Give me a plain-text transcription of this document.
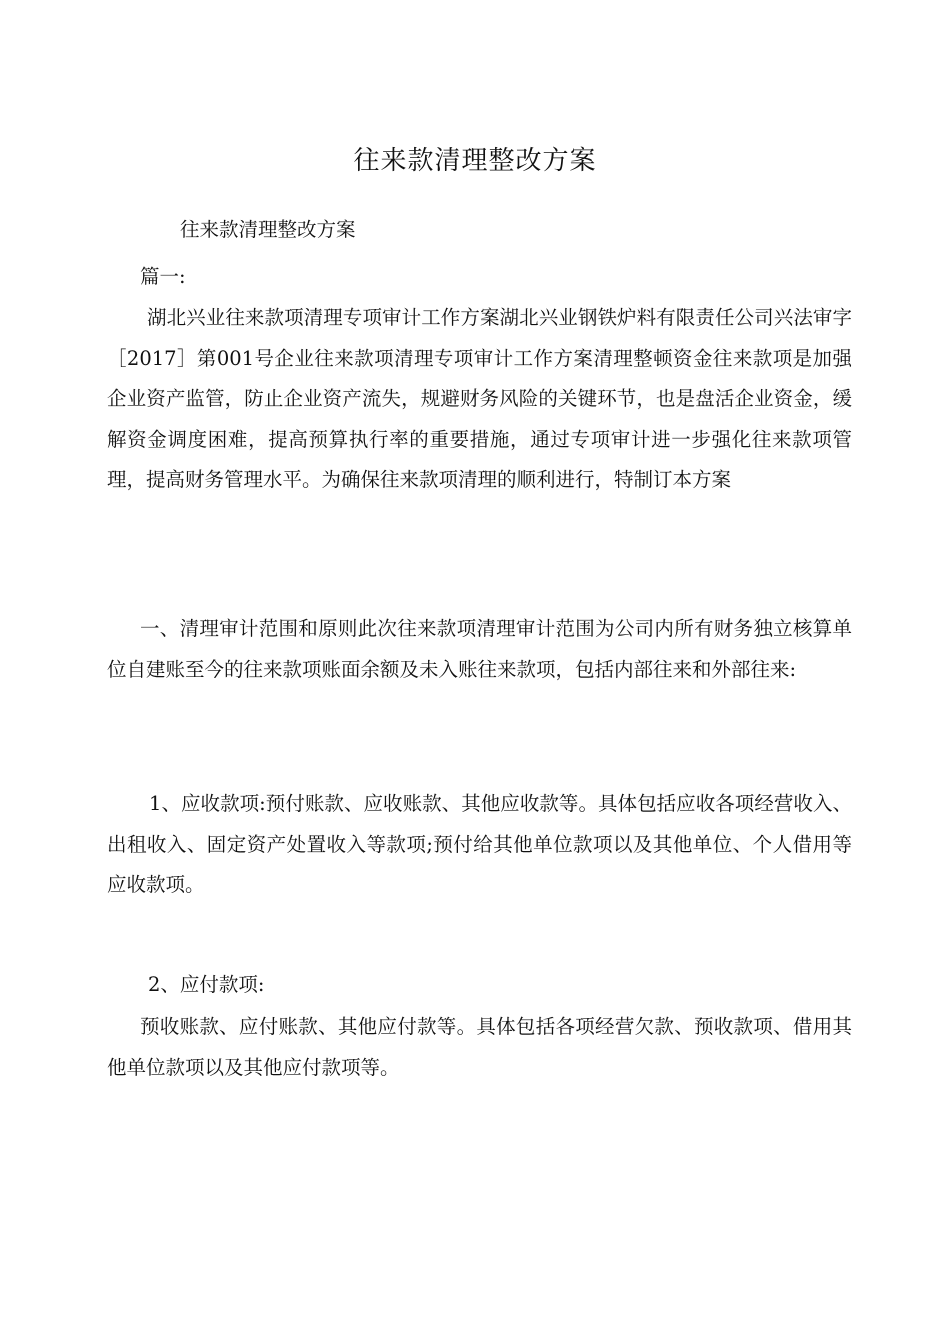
往来款清理整改方案
往来款清理整改方案
篇一:
湖北兴业往来款项清理专项审计工作方案湖北兴业钢铁炉料有限责任公司兴法审字［2017］第001号企业往来款项清理专项审计工作方案清理整顿资金往来款项是加强企业资产监管，防止企业资产流失，规避财务风险的关键环节，也是盘活企业资金，缓解资金调度困难，提高预算执行率的重要措施，通过专项审计进一步强化往来款项管理，提高财务管理水平。为确保往来款项清理的顺利进行，特制订本方案
一、清理审计范围和原则此次往来款项清理审计范围为公司内所有财务独立核算单位自建账至今的往来款项账面余额及未入账往来款项，包括内部往来和外部往来:
1、应收款项:预付账款、应收账款、其他应收款等。具体包括应收各项经营收入、出租收入、固定资产处置收入等款项;预付给其他单位款项以及其他单位、个人借用等应收款项。
2、应付款项:
预收账款、应付账款、其他应付款等。具体包括各项经营欠款、预收款项、借用其他单位款项以及其他应付款项等。
